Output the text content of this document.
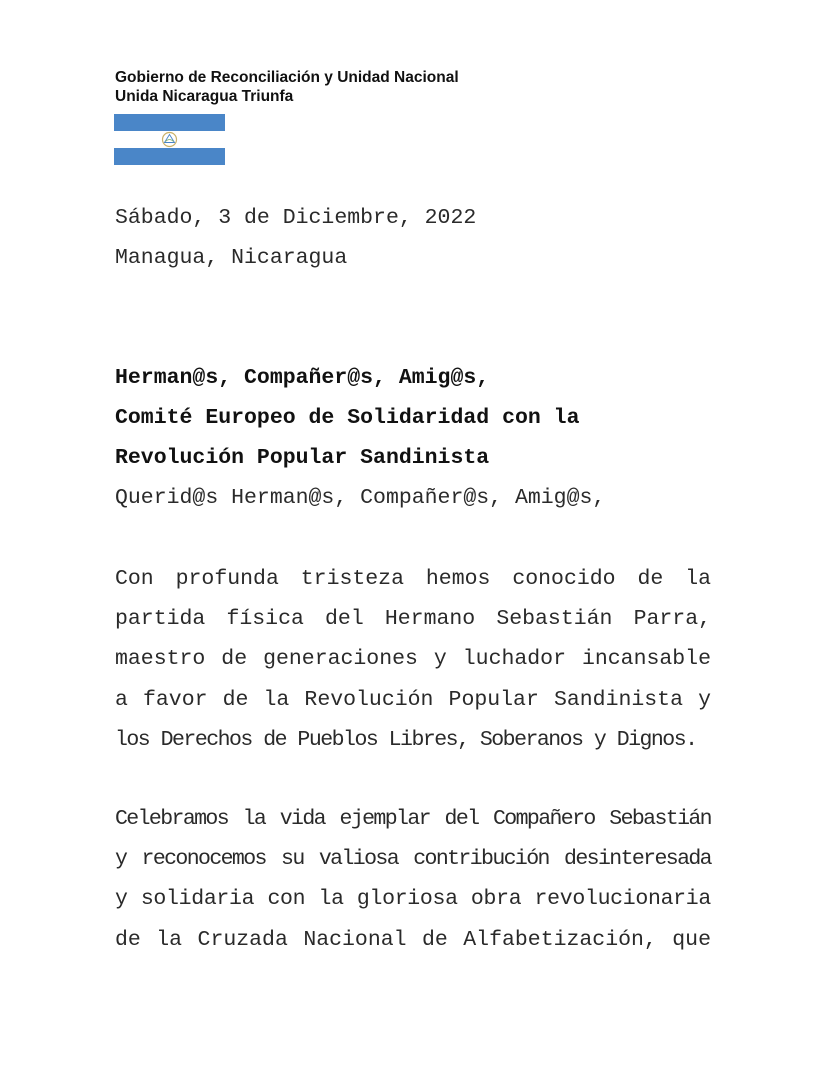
Gobierno de Reconciliación y Unidad Nacional
Unida Nicaragua Triunfa
Sábado, 3 de Diciembre, 2022
Managua, Nicaragua
Herman@s, Compañer@s, Amig@s,
Comité Europeo de Solidaridad con la
Revolución Popular Sandinista
Querid@s Herman@s, Compañer@s, Amig@s,
Con profunda tristeza hemos conocido de la
partida física del Hermano Sebastián Parra,
maestro de generaciones y luchador incansable
a favor de la Revolución Popular Sandinista y
los Derechos de Pueblos Libres, Soberanos y Dignos.
Celebramos la vida ejemplar del Compañero Sebastián
y reconocemos su valiosa contribución desinteresada
y solidaria con la gloriosa obra revolucionaria
de la Cruzada Nacional de Alfabetización, que
